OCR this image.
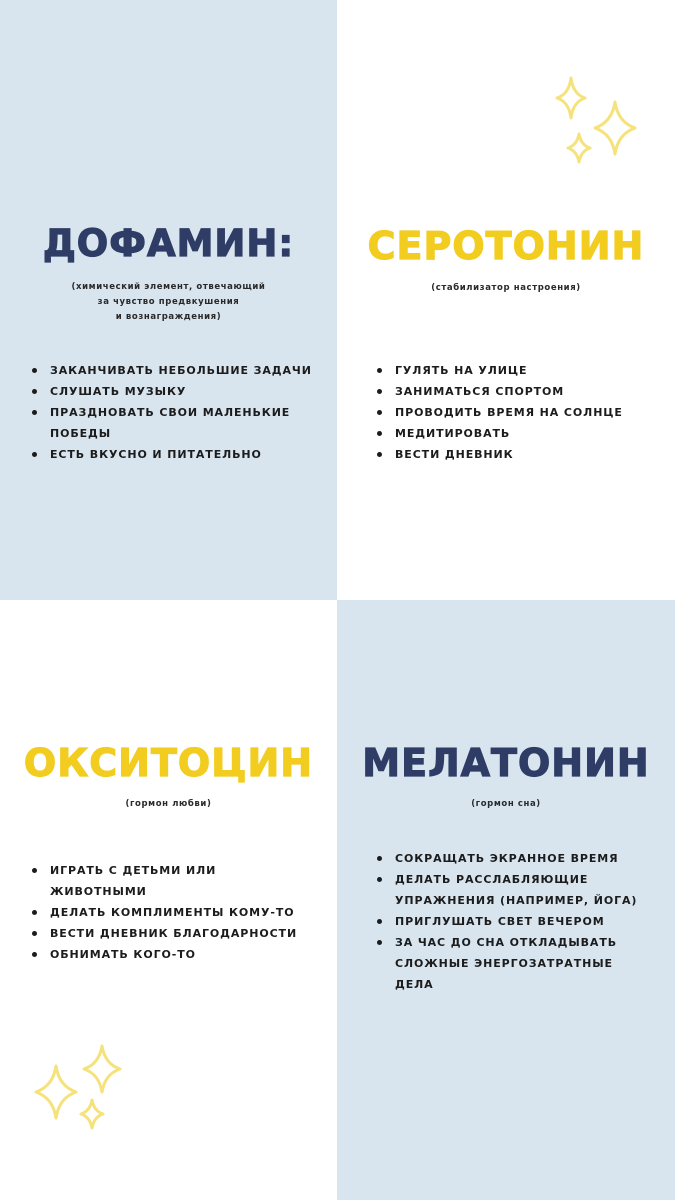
ДОФАМИН:
(химический элемент, отвечающий
за чувство предвкушения
и вознаграждения)
ЗАКАНЧИВАТЬ НЕБОЛЬШИЕ ЗАДАЧИ
СЛУШАТЬ МУЗЫКУ
ПРАЗДНОВАТЬ СВОИ МАЛЕНЬКИЕ ПОБЕДЫ
ЕСТЬ ВКУСНО И ПИТАТЕЛЬНО
СЕРОТОНИН
(стабилизатор настроения)
ГУЛЯТЬ НА УЛИЦЕ
ЗАНИМАТЬСЯ СПОРТОМ
ПРОВОДИТЬ ВРЕМЯ НА СОЛНЦЕ
МЕДИТИРОВАТЬ
ВЕСТИ ДНЕВНИК
ОКСИТОЦИН
(гормон любви)
ИГРАТЬ С ДЕТЬМИ ИЛИ ЖИВОТНЫМИ
ДЕЛАТЬ КОМПЛИМЕНТЫ КОМУ-ТО
ВЕСТИ ДНЕВНИК БЛАГОДАРНОСТИ
ОБНИМАТЬ КОГО-ТО
МЕЛАТОНИН
(гормон сна)
СОКРАЩАТЬ ЭКРАННОЕ ВРЕМЯ
ДЕЛАТЬ РАССЛАБЛЯЮЩИЕ УПРАЖНЕНИЯ (НАПРИМЕР, ЙОГА)
ПРИГЛУШАТЬ СВЕТ ВЕЧЕРОМ
ЗА ЧАС ДО СНА ОТКЛАДЫВАТЬ СЛОЖНЫЕ ЭНЕРГОЗАТРАТНЫЕ ДЕЛА
